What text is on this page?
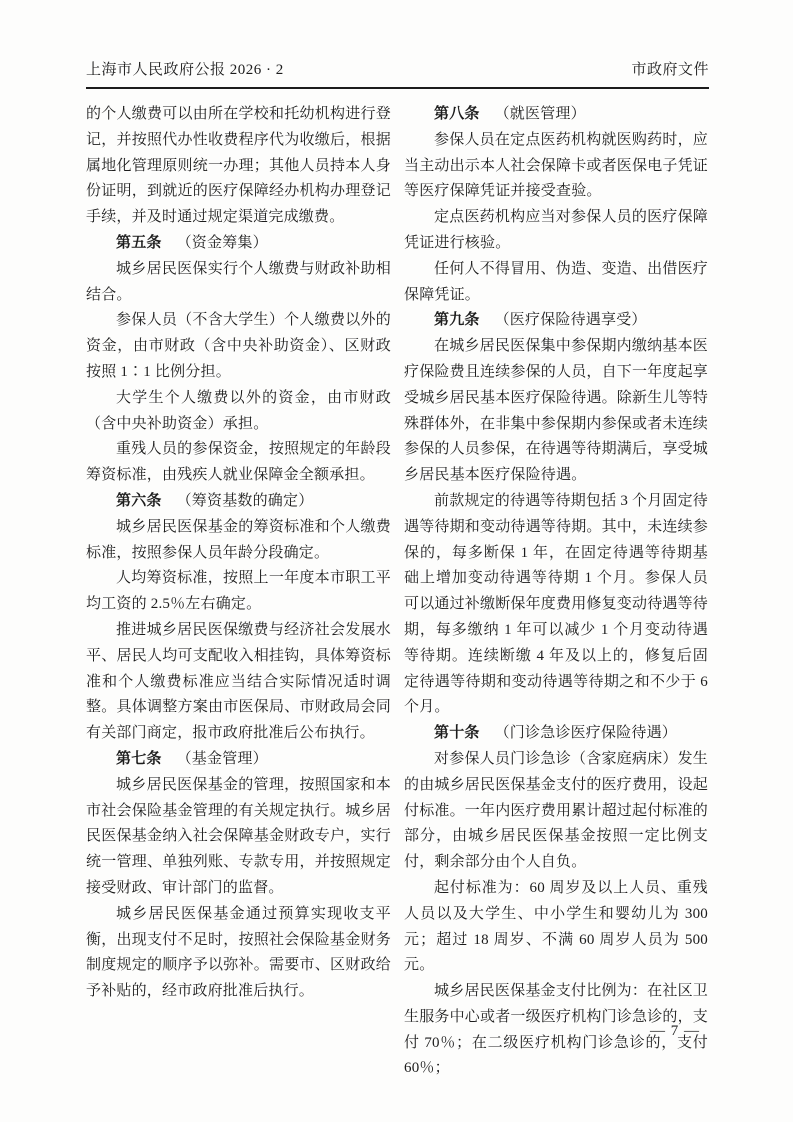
上海市人民政府公报 2026 · 2	市政府文件

的个人缴费可以由所在学校和托幼机构进行登记，并按照代办性收费程序代为收缴后，根据属地化管理原则统一办理；其他人员持本人身份证明，到就近的医疗保障经办机构办理登记手续，并及时通过规定渠道完成缴费。

第五条 （资金筹集）

城乡居民医保实行个人缴费与财政补助相结合。

参保人员（不含大学生）个人缴费以外的资金，由市财政（含中央补助资金）、区财政按照 1∶1 比例分担。

大学生个人缴费以外的资金，由市财政（含中央补助资金）承担。

重残人员的参保资金，按照规定的年龄段筹资标准，由残疾人就业保障金全额承担。

第六条 （筹资基数的确定）

城乡居民医保基金的筹资标准和个人缴费标准，按照参保人员年龄分段确定。

人均筹资标准，按照上一年度本市职工平均工资的 2.5％左右确定。

推进城乡居民医保缴费与经济社会发展水平、居民人均可支配收入相挂钩，具体筹资标准和个人缴费标准应当结合实际情况适时调整。具体调整方案由市医保局、市财政局会同有关部门商定，报市政府批准后公布执行。

第七条 （基金管理）

城乡居民医保基金的管理，按照国家和本市社会保险基金管理的有关规定执行。城乡居民医保基金纳入社会保障基金财政专户，实行统一管理、单独列账、专款专用，并按照规定接受财政、审计部门的监督。

城乡居民医保基金通过预算实现收支平衡，出现支付不足时，按照社会保险基金财务制度规定的顺序予以弥补。需要市、区财政给予补贴的，经市政府批准后执行。

第八条 （就医管理）

参保人员在定点医药机构就医购药时，应当主动出示本人社会保障卡或者医保电子凭证等医疗保障凭证并接受查验。

定点医药机构应当对参保人员的医疗保障凭证进行核验。

任何人不得冒用、伪造、变造、出借医疗保障凭证。

第九条 （医疗保险待遇享受）

在城乡居民医保集中参保期内缴纳基本医疗保险费且连续参保的人员，自下一年度起享受城乡居民基本医疗保险待遇。除新生儿等特殊群体外，在非集中参保期内参保或者未连续参保的人员参保，在待遇等待期满后，享受城乡居民基本医疗保险待遇。

前款规定的待遇等待期包括 3 个月固定待遇等待期和变动待遇等待期。其中，未连续参保的，每多断保 1 年，在固定待遇等待期基础上增加变动待遇等待期 1 个月。参保人员可以通过补缴断保年度费用修复变动待遇等待期，每多缴纳 1 年可以减少 1 个月变动待遇等待期。连续断缴 4 年及以上的，修复后固定待遇等待期和变动待遇等待期之和不少于 6 个月。

第十条 （门诊急诊医疗保险待遇）

对参保人员门诊急诊（含家庭病床）发生的由城乡居民医保基金支付的医疗费用，设起付标准。一年内医疗费用累计超过起付标准的部分，由城乡居民医保基金按照一定比例支付，剩余部分由个人自负。

起付标准为：60 周岁及以上人员、重残人员以及大学生、中小学生和婴幼儿为 300 元；超过 18 周岁、不满 60 周岁人员为 500 元。

城乡居民医保基金支付比例为：在社区卫生服务中心或者一级医疗机构门诊急诊的，支付 70％；在二级医疗机构门诊急诊的，支付 60％；

— 7 —
